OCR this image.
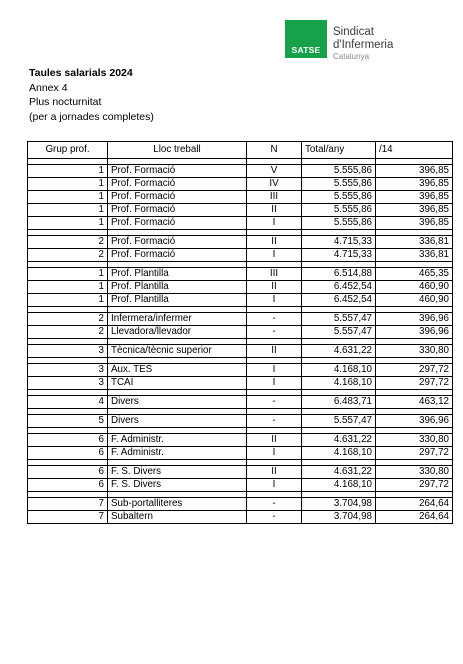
SATSE
Sindicat
d'Infermeria
Catalunya
Taules salarials 2024
Annex 4
Plus nocturnitat
(per a jornades completes)
Grup prof.	Lloc treball	N	Total/any	/14

1	Prof. Formació	V	5.555,86	396,85
1	Prof. Formació	IV	5.555,86	396,85
1	Prof. Formació	III	5.555,86	396,85
1	Prof. Formació	II	5.555,86	396,85
1	Prof. Formació	I	5.555,86	396,85

2	Prof. Formació	II	4.715,33	336,81
2	Prof. Formació	I	4.715,33	336,81

1	Prof. Plantilla	III	6.514,88	465,35
1	Prof. Plantilla	II	6.452,54	460,90
1	Prof. Plantilla	I	6.452,54	460,90

2	Infermera/infermer	-	5.557,47	396,96
2	Llevadora/llevador	-	5.557,47	396,96

3	Tècnica/tècnic superior	II	4.631,22	330,80

3	Aux. TES	I	4.168,10	297,72
3	TCAI	I	4.168,10	297,72

4	Divers	-	6.483,71	463,12

5	Divers	-	5.557,47	396,96

6	F. Administr.	II	4.631,22	330,80
6	F. Administr.	I	4.168,10	297,72

6	F. S. Divers	II	4.631,22	330,80
6	F. S. Divers	I	4.168,10	297,72

7	Sub-portalliteres	-	3.704,98	264,64
7	Subaltern	-	3.704,98	264,64
